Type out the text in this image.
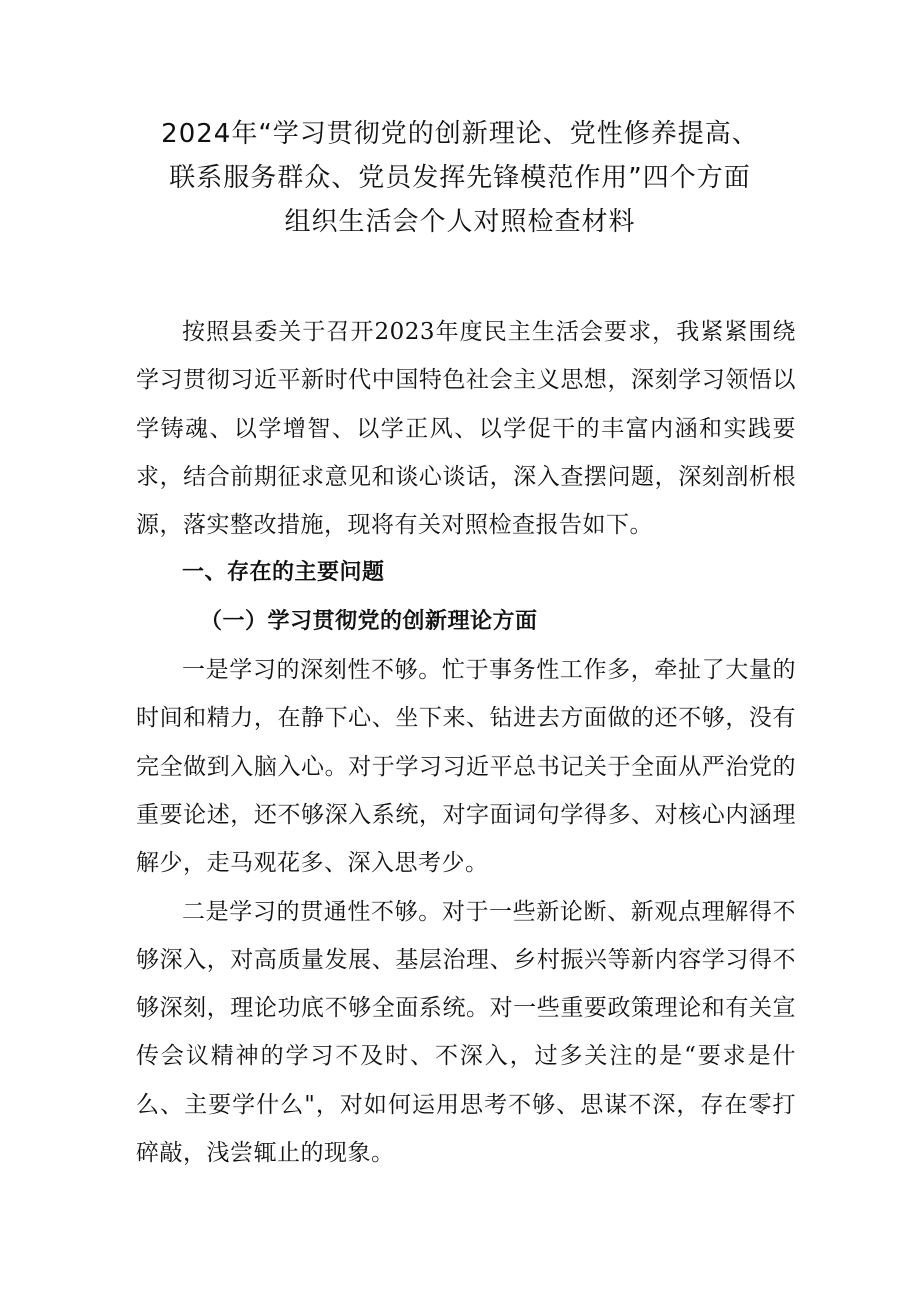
2024年“学习贯彻党的创新理论、党性修养提高、
联系服务群众、党员发挥先锋模范作用”四个方面
组织生活会个人对照检查材料

按照县委关于召开2023年度民主生活会要求，我紧紧围绕学习贯彻习近平新时代中国特色社会主义思想，深刻学习领悟以学铸魂、以学增智、以学正风、以学促干的丰富内涵和实践要求，结合前期征求意见和谈心谈话，深入查摆问题，深刻剖析根源，落实整改措施，现将有关对照检查报告如下。

一、存在的主要问题

（一）学习贯彻党的创新理论方面

一是学习的深刻性不够。忙于事务性工作多，牵扯了大量的时间和精力，在静下心、坐下来、钻进去方面做的还不够，没有完全做到入脑入心。对于学习习近平总书记关于全面从严治党的重要论述，还不够深入系统，对字面词句学得多、对核心内涵理解少，走马观花多、深入思考少。

二是学习的贯通性不够。对于一些新论断、新观点理解得不够深入，对高质量发展、基层治理、乡村振兴等新内容学习得不够深刻，理论功底不够全面系统。对一些重要政策理论和有关宣传会议精神的学习不及时、不深入，过多关注的是“要求是什么、主要学什么"，对如何运用思考不够、思谋不深，存在零打碎敲，浅尝辄止的现象。
